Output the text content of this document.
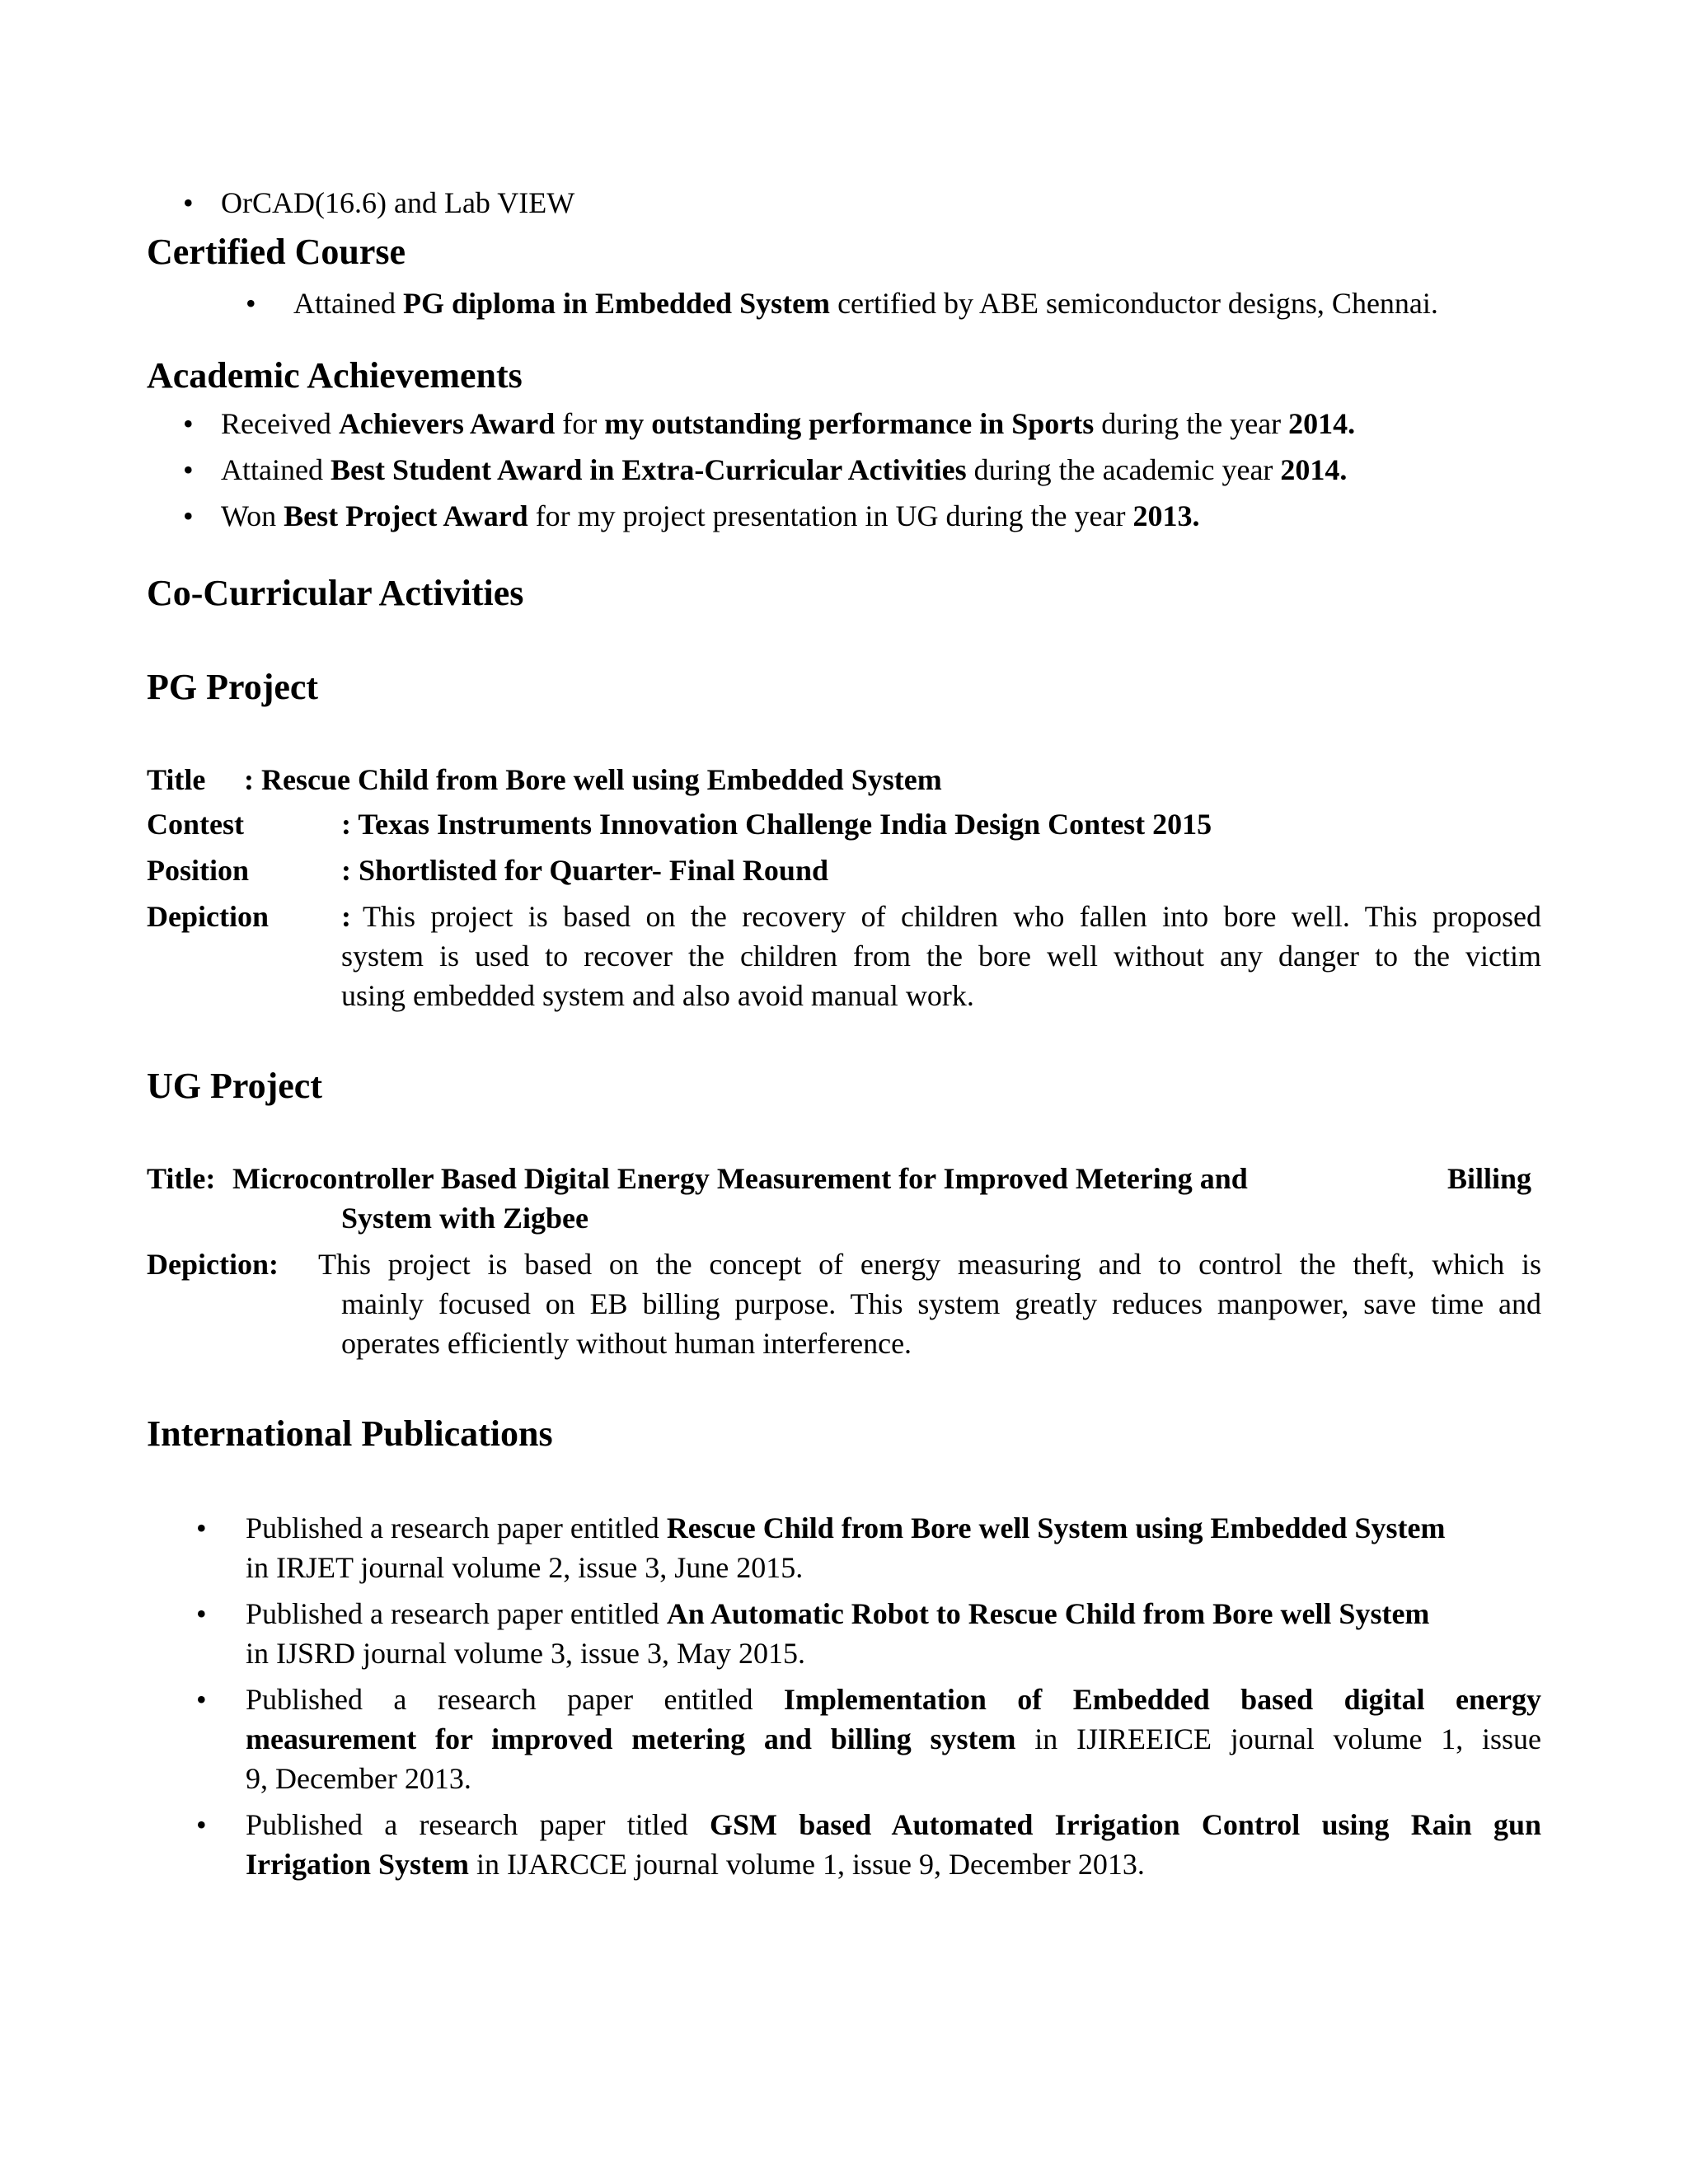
• OrCAD(16.6) and Lab VIEW
Certified Course
• Attained PG diploma in Embedded System certified by ABE semiconductor designs, Chennai.
Academic Achievements
• Received Achievers Award for my outstanding performance in Sports during the year 2014.
• Attained Best Student Award in Extra-Curricular Activities during the academic year 2014.
• Won Best Project Award for my project presentation in UG during the year 2013.
Co-Curricular Activities
PG Project
Title : Rescue Child from Bore well using Embedded System
Contest	: Texas Instruments Innovation Challenge India Design Contest 2015
Position	: Shortlisted for Quarter- Final Round
Depiction : This project is based on the recovery of children who fallen into bore well. This proposed
system is used to recover the children from the bore well without any danger to the victim
using embedded system and also avoid manual work.
UG Project
Title: Microcontroller Based Digital Energy Measurement for Improved Metering and	Billing
System with Zigbee
Depiction: This project is based on the concept of energy measuring and to control the theft, which is
mainly focused on EB billing purpose. This system greatly reduces manpower, save time and
operates efficiently without human interference.
International Publications
• Published a research paper entitled Rescue Child from Bore well System using Embedded System
in IRJET journal volume 2, issue 3, June 2015.
• Published a research paper entitled An Automatic Robot to Rescue Child from Bore well System
in IJSRD journal volume 3, issue 3, May 2015.
• Published a research paper entitled Implementation of Embedded based digital energy
measurement for improved metering and billing system in IJIREEICE journal volume 1, issue
9, December 2013.
• Published a research paper titled GSM based Automated Irrigation Control using Rain gun
Irrigation System in IJARCCE journal volume 1, issue 9, December 2013.
